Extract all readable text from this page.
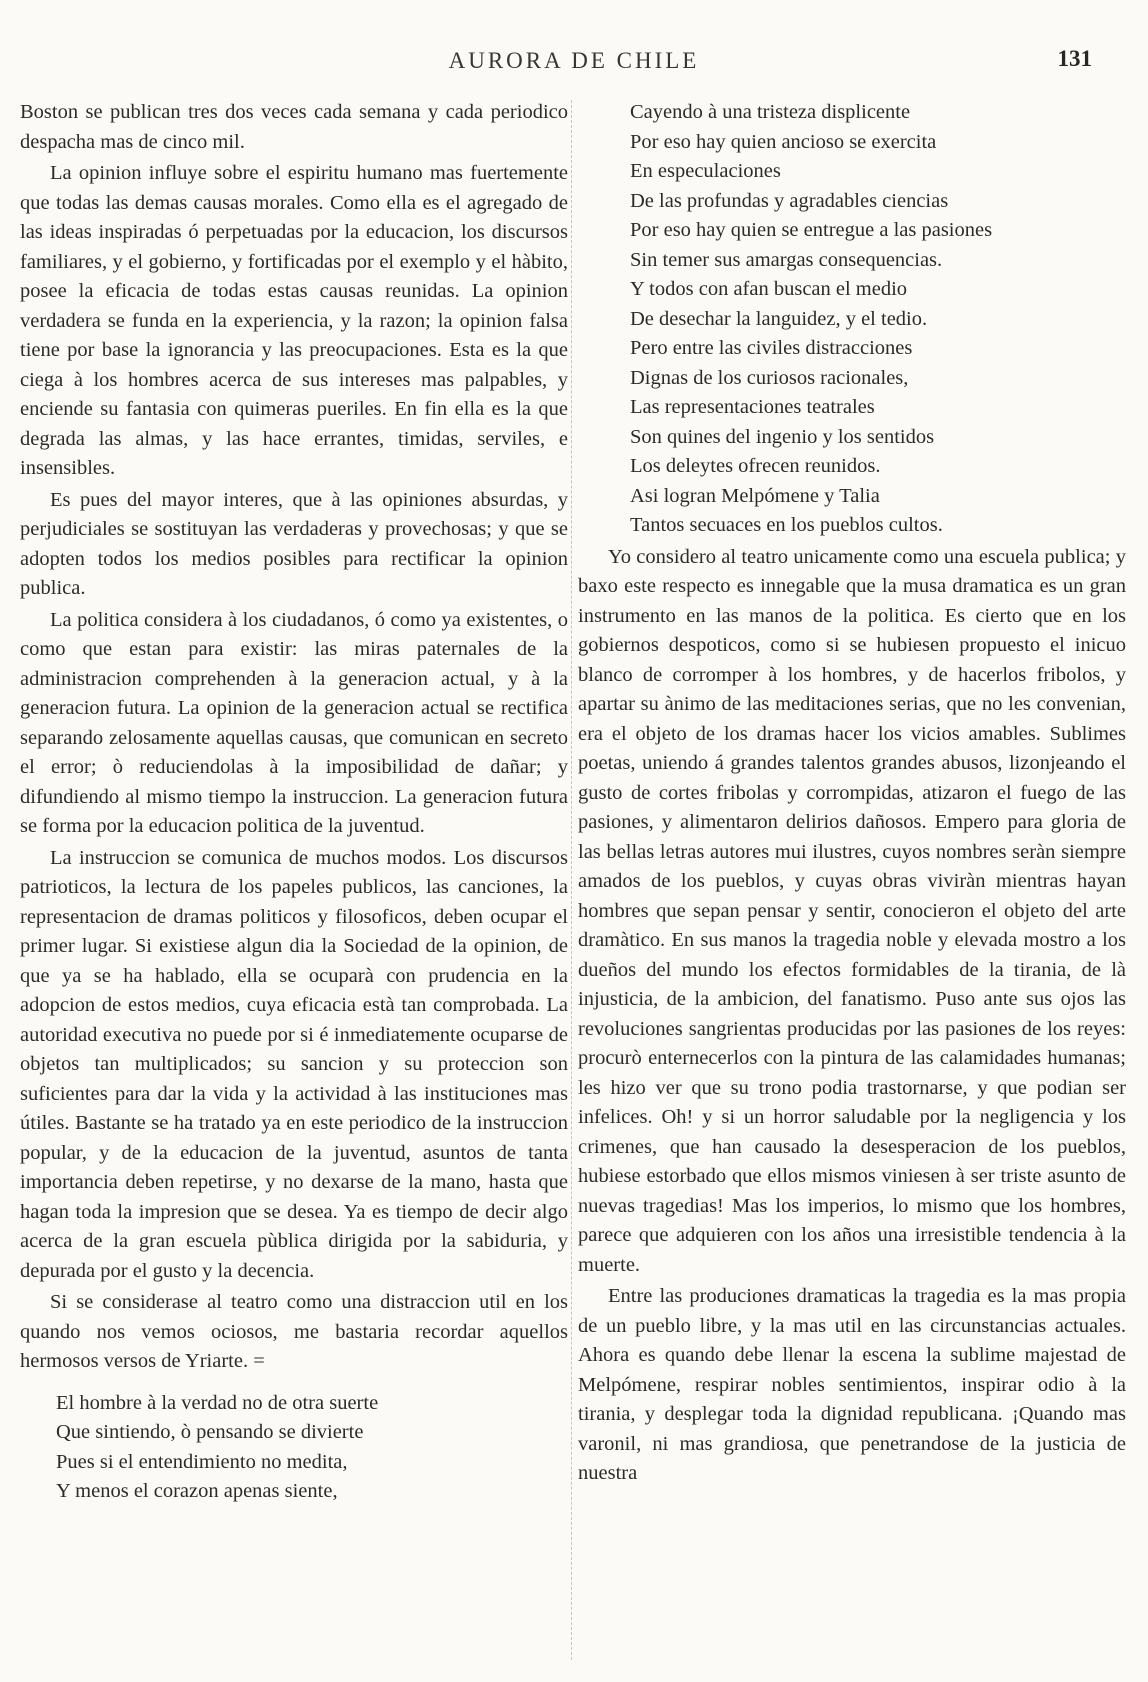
AURORA DE CHILE	131

Boston se publican tres dos veces cada semana y cada periodico despacha mas de cinco mil.

La opinion influye sobre el espiritu humano mas fuertemente que todas las demas causas morales. Como ella es el agregado de las ideas inspiradas ó perpetuadas por la educacion, los discursos familiares, y el gobierno, y fortificadas por el exemplo y el hàbito, posee la eficacia de todas estas causas reunidas. La opinion verdadera se funda en la experiencia, y la razon; la opinion falsa tiene por base la ignorancia y las preocupaciones. Esta es la que ciega à los hombres acerca de sus intereses mas palpables, y enciende su fantasia con quimeras pueriles. En fin ella es la que degrada las almas, y las hace errantes, timidas, serviles, e insensibles.

Es pues del mayor interes, que à las opiniones absurdas, y perjudiciales se sostituyan las verdaderas y provechosas; y que se adopten todos los medios posibles para rectificar la opinion publica.

La politica considera à los ciudadanos, ó como ya existentes, o como que estan para existir: las miras paternales de la administracion comprehenden à la generacion actual, y à la generacion futura. La opinion de la generacion actual se rectifica separando zelosamente aquellas causas, que comunican en secreto el error; ò reduciendolas à la imposibilidad de dañar; y difundiendo al mismo tiempo la instruccion. La generacion futura se forma por la educacion politica de la juventud.

La instruccion se comunica de muchos modos. Los discursos patrioticos, la lectura de los papeles publicos, las canciones, la representacion de dramas politicos y filosoficos, deben ocupar el primer lugar. Si existiese algun dia la Sociedad de la opinion, de que ya se ha hablado, ella se ocuparà con prudencia en la adopcion de estos medios, cuya eficacia està tan comprobada. La autoridad executiva no puede por si é inmediatemente ocuparse de objetos tan multiplicados; su sancion y su proteccion son suficientes para dar la vida y la actividad à las instituciones mas útiles. Bastante se ha tratado ya en este periodico de la instruccion popular, y de la educacion de la juventud, asuntos de tanta importancia deben repetirse, y no dexarse de la mano, hasta que hagan toda la impresion que se desea. Ya es tiempo de decir algo acerca de la gran escuela pùblica dirigida por la sabiduria, y depurada por el gusto y la decencia.

Si se considerase al teatro como una distraccion util en los quando nos vemos ociosos, me bastaria recordar aquellos hermosos versos de Yriarte. =

El hombre à la verdad no de otra suerte
Que sintiendo, ò pensando se divierte
Pues si el entendimiento no medita,
Y menos el corazon apenas siente,
Cayendo à una tristeza displicente
Por eso hay quien ancioso se exercita
En especulaciones
De las profundas y agradables ciencias
Por eso hay quien se entregue a las pasiones
Sin temer sus amargas consequencias.
Y todos con afan buscan el medio
De desechar la languidez, y el tedio.
Pero entre las civiles distracciones
Dignas de los curiosos racionales,
Las representaciones teatrales
Son quines del ingenio y los sentidos
Los deleytes ofrecen reunidos.
Asi logran Melpómene y Talia
Tantos secuaces en los pueblos cultos.

Yo considero al teatro unicamente como una escuela publica; y baxo este respecto es innegable que la musa dramatica es un gran instrumento en las manos de la politica. Es cierto que en los gobiernos despoticos, como si se hubiesen propuesto el inicuo blanco de corromper à los hombres, y de hacerlos fribolos, y apartar su ànimo de las meditaciones serias, que no les convenian, era el objeto de los dramas hacer los vicios amables. Sublimes poetas, uniendo á grandes talentos grandes abusos, lizonjeando el gusto de cortes fribolas y corrompidas, atizaron el fuego de las pasiones, y alimentaron delirios dañosos. Empero para gloria de las bellas letras autores mui ilustres, cuyos nombres seràn siempre amados de los pueblos, y cuyas obras viviràn mientras hayan hombres que sepan pensar y sentir, conocieron el objeto del arte dramàtico. En sus manos la tragedia noble y elevada mostro a los dueños del mundo los efectos formidables de la tirania, de là injusticia, de la ambicion, del fanatismo. Puso ante sus ojos las revoluciones sangrientas producidas por las pasiones de los reyes: procurò enternecerlos con la pintura de las calamidades humanas; les hizo ver que su trono podia trastornarse, y que podian ser infelices. Oh! y si un horror saludable por la negligencia y los crimenes, que han causado la desesperacion de los pueblos, hubiese estorbado que ellos mismos viniesen à ser triste asunto de nuevas tragedias! Mas los imperios, lo mismo que los hombres, parece que adquieren con los años una irresistible tendencia à la muerte.

Entre las produciones dramaticas la tragedia es la mas propia de un pueblo libre, y la mas util en las circunstancias actuales. Ahora es quando debe llenar la escena la sublime majestad de Melpómene, respirar nobles sentimientos, inspirar odio à la tirania, y desplegar toda la dignidad republicana. ¡Quando mas varonil, ni mas grandiosa, que penetrandose de la justicia de nuestra
